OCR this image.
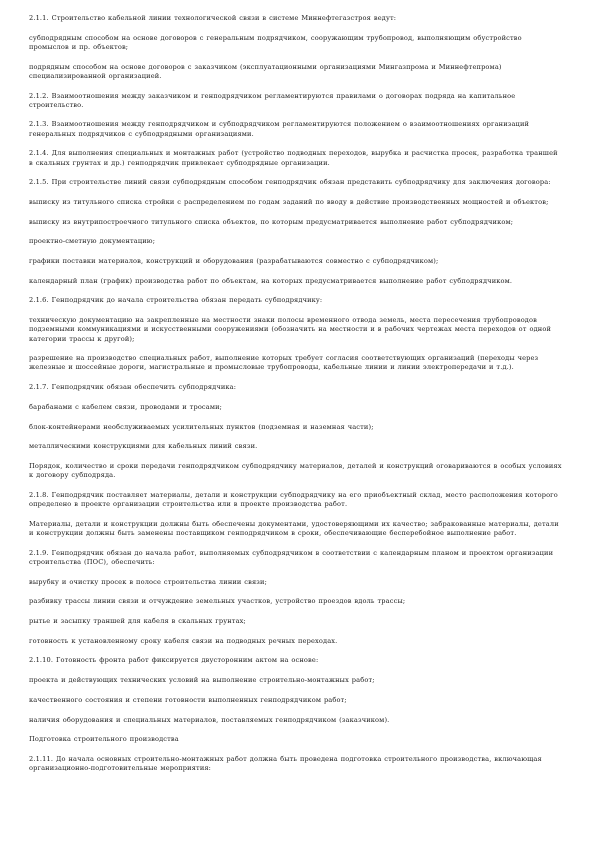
2.1.1. Строительство кабельной линии технологической связи в системе Миннефтегазстроя ведут:

субподрядным способом на основе договоров с генеральным подрядчиком, сооружающим трубопровод, выполняющим обустройство промыслов и пр. объектов;

подрядным способом на основе договоров с заказчиком (эксплуатационными организациями Мингазпрома и Миннефтепрома) специализированной организацией.

2.1.2. Взаимоотношения между заказчиком и генподрядчиком регламентируются правилами о договорах подряда на капитальное строительство.

2.1.3. Взаимоотношения между генподрядчиком и субподрядчиком регламентируются положением о взаимоотношениях организаций генеральных подрядчиков с субподрядными организациями.

2.1.4. Для выполнения специальных и монтажных работ (устройство подводных переходов, вырубка и расчистка просек, разработка траншей в скальных грунтах и др.) генподрядчик привлекает субподрядные организации.

2.1.5. При строительстве линий связи субподрядным способом генподрядчик обязан представить субподрядчику для заключения договора:

выписку из титульного списка стройки с распределением по годам заданий по вводу в действие производственных мощностей и объектов;

выписку из внутрипостроечного титульного списка объектов, по которым предусматривается выполнение работ субподрядчиком;

проектно-сметную документацию;

графики поставки материалов, конструкций и оборудования (разрабатываются совместно с субподрядчиком);

календарный план (график) производства работ по объектам, на которых предусматривается выполнение работ субподрядчиком.

2.1.6. Генподрядчик до начала строительства обязан передать субподрядчику:

техническую документацию на закрепленные на местности знаки полосы временного отвода земель, места пересечения трубопроводов подземными коммуникациями и искусственными сооружениями (обозначить на местности и в рабочих чертежах места переходов от одной категории трассы к другой);

разрешение на производство специальных работ, выполнение которых требует согласия соответствующих организаций (переходы через железные и шоссейные дороги, магистральные и промысловые трубопроводы, кабельные линии и линии электропередачи и т.д.).

2.1.7. Генподрядчик обязан обеспечить субподрядчика:

барабанами с кабелем связи, проводами и тросами;

блок-контейнерами необслуживаемых усилительных пунктов (подземная и наземная части);

металлическими конструкциями для кабельных линий связи.

Порядок, количество и сроки передачи генподрядчиком субподрядчику материалов, деталей и конструкций оговариваются в особых условиях к договору субподряда.

2.1.8. Генподрядчик поставляет материалы, детали и конструкции субподрядчику на его приобъектный склад, место расположения которого определено в проекте организации строительства или в проекте производства работ.

Материалы, детали и конструкции должны быть обеспечены документами, удостоверяющими их качество; забракованные материалы, детали и конструкции должны быть заменены поставщиком генподрядчиком в сроки, обеспечивающие бесперебойное выполнение работ.

2.1.9. Генподрядчик обязан до начала работ, выполняемых субподрядчиком в соответствии с календарным планом и проектом организации строительства (ПОС), обеспечить:

вырубку и очистку просек в полосе строительства линии связи;

разбивку трассы линии связи и отчуждение земельных участков, устройство проездов вдоль трассы;

рытье и засыпку траншей для кабеля в скальных грунтах;

готовность к установленному сроку кабеля связи на подводных речных переходах.

2.1.10. Готовность фронта работ фиксируется двусторонним актом на основе:

проекта и действующих технических условий на выполнение строительно-монтажных работ;

качественного состояния и степени готовности выполненных генподрядчиком работ;

наличия оборудования и специальных материалов, поставляемых генподрядчиком (заказчиком).

Подготовка строительного производства

2.1.11. До начала основных строительно-монтажных работ должна быть проведена подготовка строительного производства, включающая организационно-подготовительные мероприятия:
